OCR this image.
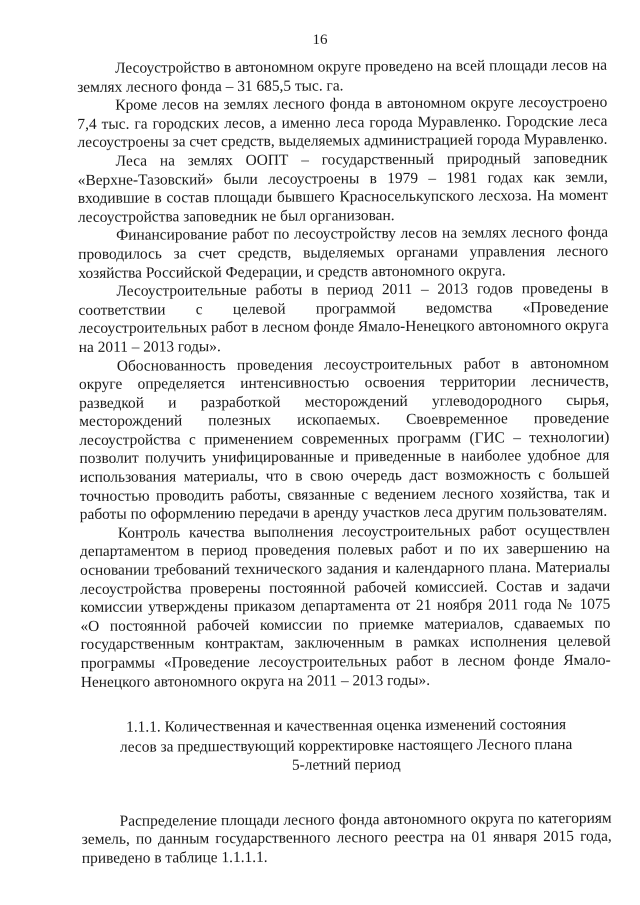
16

Лесоустройство в автономном округе проведено на всей площади лесов на землях лесного фонда – 31 685,5 тыс. га.

Кроме лесов на землях лесного фонда в автономном округе лесоустроено 7,4 тыс. га городских лесов, а именно леса города Муравленко. Городские леса лесоустроены за счет средств, выделяемых администрацией города Муравленко.

Леса на землях ООПТ – государственный природный заповедник «Верхне-Тазовский» были лесоустроены в 1979 – 1981 годах как земли, входившие в состав площади бывшего Красноселькупского лесхоза. На момент лесоустройства заповедник не был организован.

Финансирование работ по лесоустройству лесов на землях лесного фонда проводилось за счет средств, выделяемых органами управления лесного хозяйства Российской Федерации, и средств автономного округа.

Лесоустроительные работы в период 2011 – 2013 годов проведены в соответствии с целевой программой ведомства «Проведение лесоустроительных работ в лесном фонде Ямало-Ненецкого автономного округа на 2011 – 2013 годы».

Обоснованность проведения лесоустроительных работ в автономном округе определяется интенсивностью освоения территории лесничеств, разведкой и разработкой месторождений углеводородного сырья, месторождений полезных ископаемых. Своевременное проведение лесоустройства с применением современных программ (ГИС – технологии) позволит получить унифицированные и приведенные в наиболее удобное для использования материалы, что в свою очередь даст возможность с большей точностью проводить работы, связанные с ведением лесного хозяйства, так и работы по оформлению передачи в аренду участков леса другим пользователям.

Контроль качества выполнения лесоустроительных работ осуществлен департаментом в период проведения полевых работ и по их завершению на основании требований технического задания и календарного плана. Материалы лесоустройства проверены постоянной рабочей комиссией. Состав и задачи комиссии утверждены приказом департамента от 21 ноября 2011 года № 1075 «О постоянной рабочей комиссии по приемке материалов, сдаваемых по государственным контрактам, заключенным в рамках исполнения целевой программы «Проведение лесоустроительных работ в лесном фонде Ямало-Ненецкого автономного округа на 2011 – 2013 годы».

1.1.1. Количественная и качественная оценка изменений состояния
лесов за предшествующий корректировке настоящего Лесного плана
5-летний период

Распределение площади лесного фонда автономного округа по категориям земель, по данным государственного лесного реестра на 01 января 2015 года, приведено в таблице 1.1.1.1.
